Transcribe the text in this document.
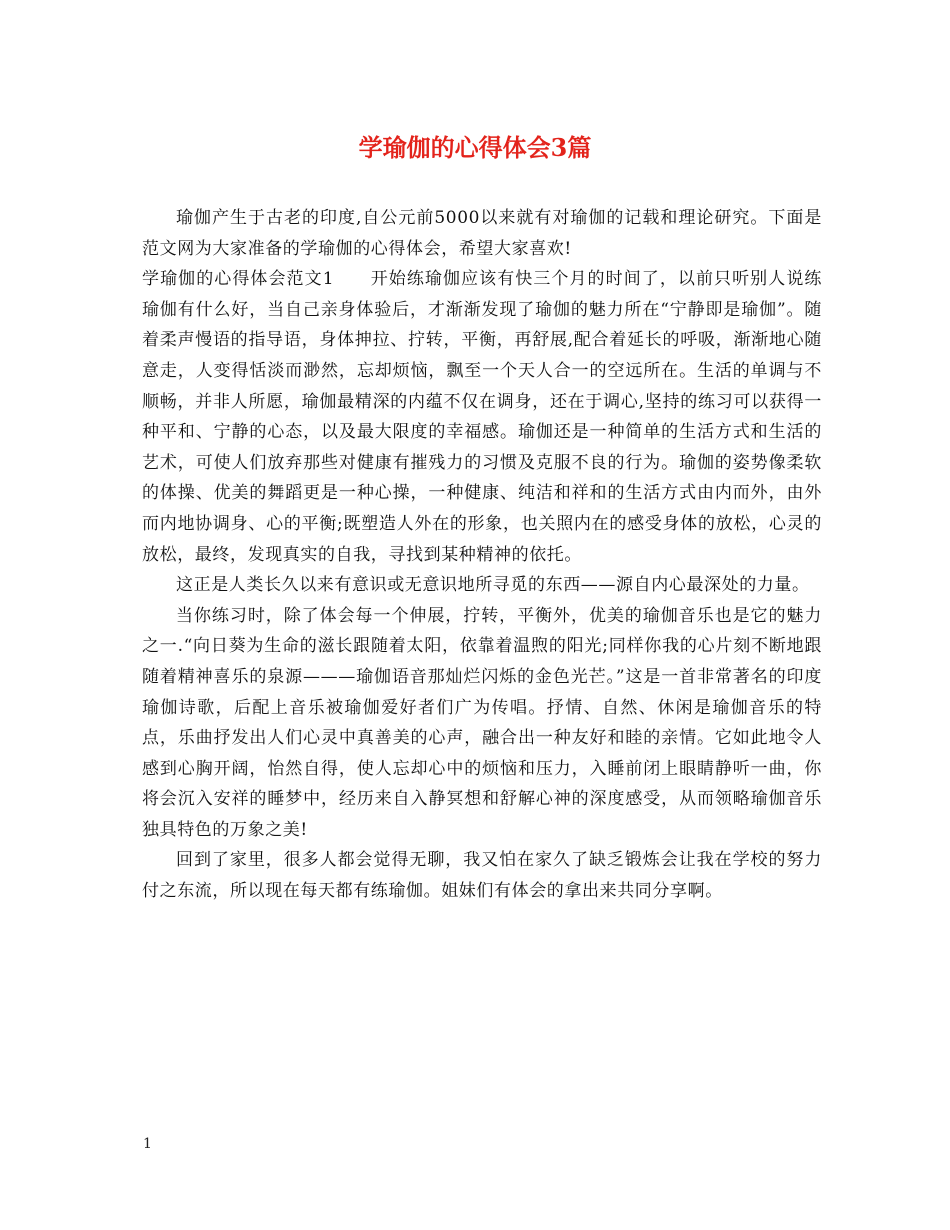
学瑜伽的心得体会3篇

瑜伽产生于古老的印度,自公元前5000以来就有对瑜伽的记载和理论研究。下面是范文网为大家准备的学瑜伽的心得体会，希望大家喜欢!

学瑜伽的心得体会范文1　　开始练瑜伽应该有快三个月的时间了，以前只听别人说练瑜伽有什么好，当自己亲身体验后，才渐渐发现了瑜伽的魅力所在“宁静即是瑜伽”。随着柔声慢语的指导语，身体抻拉、拧转，平衡，再舒展,配合着延长的呼吸，渐渐地心随意走，人变得恬淡而渺然，忘却烦恼，飘至一个天人合一的空远所在。生活的单调与不顺畅，并非人所愿，瑜伽最精深的内蕴不仅在调身，还在于调心,坚持的练习可以获得一种平和、宁静的心态，以及最大限度的幸福感。瑜伽还是一种简单的生活方式和生活的艺术，可使人们放弃那些对健康有摧残力的习惯及克服不良的行为。瑜伽的姿势像柔软的体操、优美的舞蹈更是一种心操，一种健康、纯洁和祥和的生活方式由内而外，由外而内地协调身、心的平衡;既塑造人外在的形象，也关照内在的感受身体的放松，心灵的放松，最终，发现真实的自我，寻找到某种精神的依托。

这正是人类长久以来有意识或无意识地所寻觅的东西——源自内心最深处的力量。

当你练习时，除了体会每一个伸展，拧转，平衡外，优美的瑜伽音乐也是它的魅力之一.“向日葵为生命的滋长跟随着太阳，依靠着温煦的阳光;同样你我的心片刻不断地跟随着精神喜乐的泉源———瑜伽语音那灿烂闪烁的金色光芒。”这是一首非常著名的印度瑜伽诗歌，后配上音乐被瑜伽爱好者们广为传唱。抒情、自然、休闲是瑜伽音乐的特点，乐曲抒发出人们心灵中真善美的心声，融合出一种友好和睦的亲情。它如此地令人感到心胸开阔，怡然自得，使人忘却心中的烦恼和压力，入睡前闭上眼睛静听一曲，你将会沉入安祥的睡梦中，经历来自入静冥想和舒解心神的深度感受，从而领略瑜伽音乐独具特色的万象之美!

回到了家里，很多人都会觉得无聊，我又怕在家久了缺乏锻炼会让我在学校的努力付之东流，所以现在每天都有练瑜伽。姐妹们有体会的拿出来共同分享啊。

1
